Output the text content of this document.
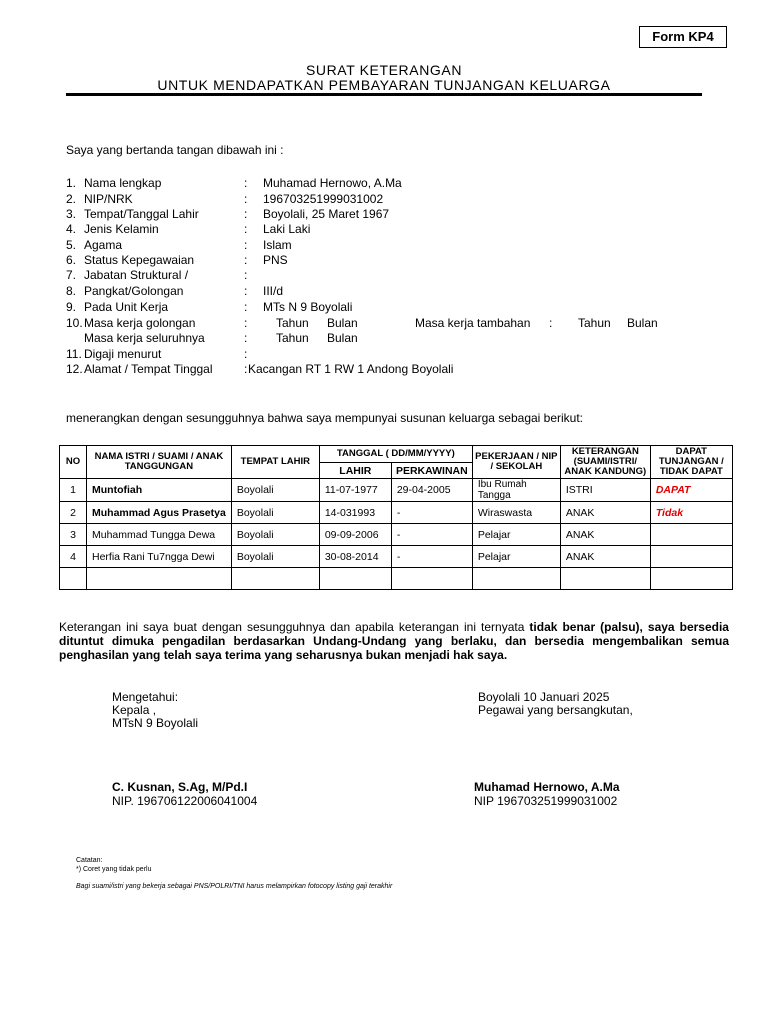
Form KP4
SURAT KETERANGAN
UNTUK MENDAPATKAN PEMBAYARAN TUNJANGAN KELUARGA
Saya yang bertanda tangan dibawah ini :
1. Nama lengkap	: Muhamad Hernowo, A.Ma
2. NIP/NRK	: 196703251999031002
3. Tempat/Tanggal Lahir	: Boyolali, 25 Maret 1967
4. Jenis Kelamin	: Laki Laki
5. Agama	: Islam
6. Status Kepegawaian	: PNS
7. Jabatan Struktural /	:
8. Pangkat/Golongan	: III/d
9. Pada Unit Kerja	: MTs N 9 Boyolali
10. Masa kerja golongan	: Tahun Bulan	Masa kerja tambahan : Tahun Bulan
Masa kerja seluruhnya	: Tahun Bulan
11. Digaji menurut	:
12. Alamat / Tempat Tinggal	: Kacangan RT 1 RW 1 Andong Boyolali
menerangkan dengan sesungguhnya bahwa saya mempunyai susunan keluarga sebagai berikut:
NO	NAMA ISTRI / SUAMI / ANAK TANGGUNGAN	TEMPAT LAHIR	TANGGAL ( DD/MM/YYYY)		PEKERJAAN / NIP / SEKOLAH	KETERANGAN (SUAMI/ISTRI/ ANAK KANDUNG)	DAPAT TUNJANGAN / TIDAK DAPAT
			LAHIR	PERKAWINAN			
1	Muntofiah	Boyolali	11-07-1977	29-04-2005	Ibu Rumah Tangga	ISTRI	DAPAT
2	Muhammad Agus Prasetya	Boyolali	14-031993	-	Wiraswasta	ANAK	Tidak
3	Muhammad Tungga Dewa	Boyolali	09-09-2006	-	Pelajar	ANAK	
4	Herfia Rani Tu7ngga Dewi	Boyolali	30-08-2014	-	Pelajar	ANAK	

Keterangan ini saya buat dengan sesungguhnya dan apabila keterangan ini ternyata tidak benar (palsu), saya bersedia dituntut dimuka pengadilan berdasarkan Undang-Undang yang berlaku, dan bersedia mengembalikan semua penghasilan yang telah saya terima yang seharusnya bukan menjadi hak saya.
Mengetahui:
Kepala ,
MTsN 9 Boyolali
C. Kusnan, S.Ag, M/Pd.I
NIP. 196706122006041004
Boyolali 10 Januari 2025
Pegawai yang bersangkutan,
Muhamad Hernowo, A.Ma
NIP 196703251999031002
Catatan:
*) Coret yang tidak perlu
Bagi suami/istri yang bekerja sebagai PNS/POLRI/TNI harus melampirkan fotocopy listing gaji terakhir
